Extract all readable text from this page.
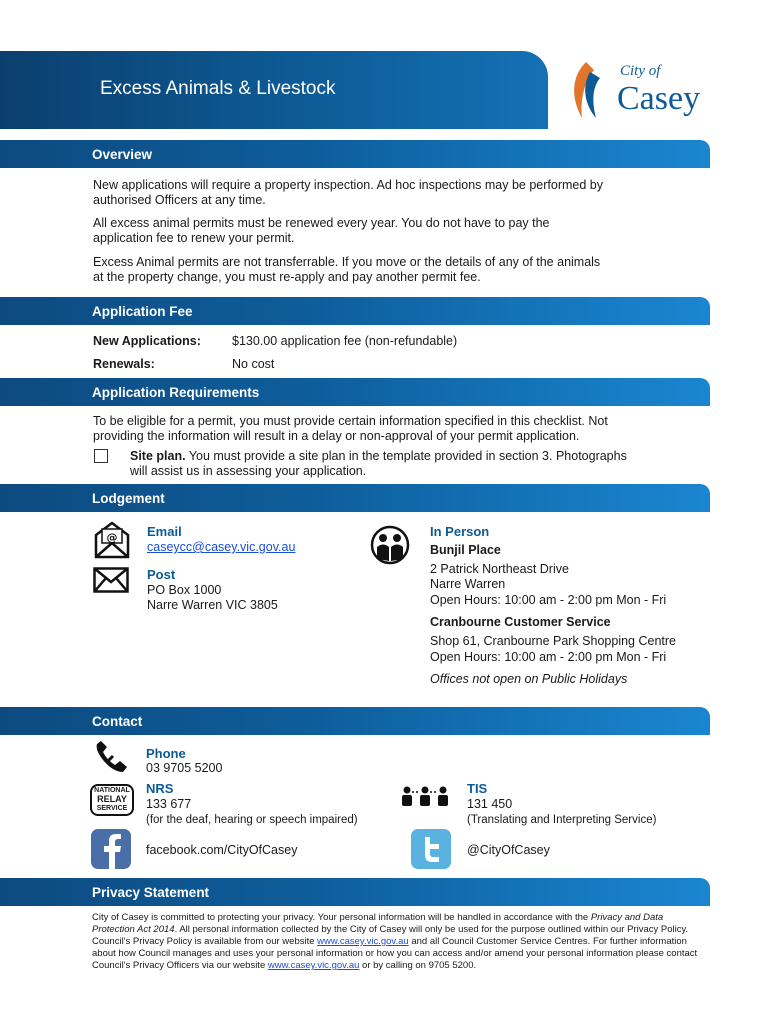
Excess Animals & Livestock
City of
Casey
Overview
New applications will require a property inspection. Ad hoc inspections may be performed by
authorised Officers at any time.
All excess animal permits must be renewed every year. You do not have to pay the
application fee to renew your permit.
Excess Animal permits are not transferrable. If you move or the details of any of the animals
at the property change, you must re-apply and pay another permit fee.
Application Fee
New Applications: $130.00 application fee (non-refundable)
Renewals:	No cost
Application Requirements
To be eligible for a permit, you must provide certain information specified in this checklist. Not
providing the information will result in a delay or non-approval of your permit application.
Site plan. You must provide a site plan in the template provided in section 3. Photographs
will assist us in assessing your application.
Lodgement
@ Email
caseycc@casey.vic.gov.au
Post
PO Box 1000
Narre Warren VIC 3805
In Person
Bunjil Place
2 Patrick Northeast Drive
Narre Warren
Open Hours: 10:00 am - 2:00 pm Mon - Fri
Cranbourne Customer Service
Shop 61, Cranbourne Park Shopping Centre
Open Hours: 10:00 am - 2:00 pm Mon - Fri
Offices not open on Public Holidays
Contact
Phone
03 9705 5200
NATIONAL
RELAY
SERVICE
NRS
133 677
(for the deaf, hearing or speech impaired)
TIS
131 450
(Translating and Interpreting Service)
facebook.com/CityOfCasey	@CityOfCasey
Privacy Statement
City of Casey is committed to protecting your privacy. Your personal information will be handled in accordance with the Privacy and Data Protection Act 2014. All personal information collected by the City of Casey will only be used for the purpose outlined within our Privacy Policy. Council's Privacy Policy is available from our website www.casey.vic.gov.au and all Council Customer Service Centres. For further information about how Council manages and uses your personal information or how you can access and/or amend your personal information please contact Council's Privacy Officers via our website www.casey.vic.gov.au or by calling on 9705 5200.
